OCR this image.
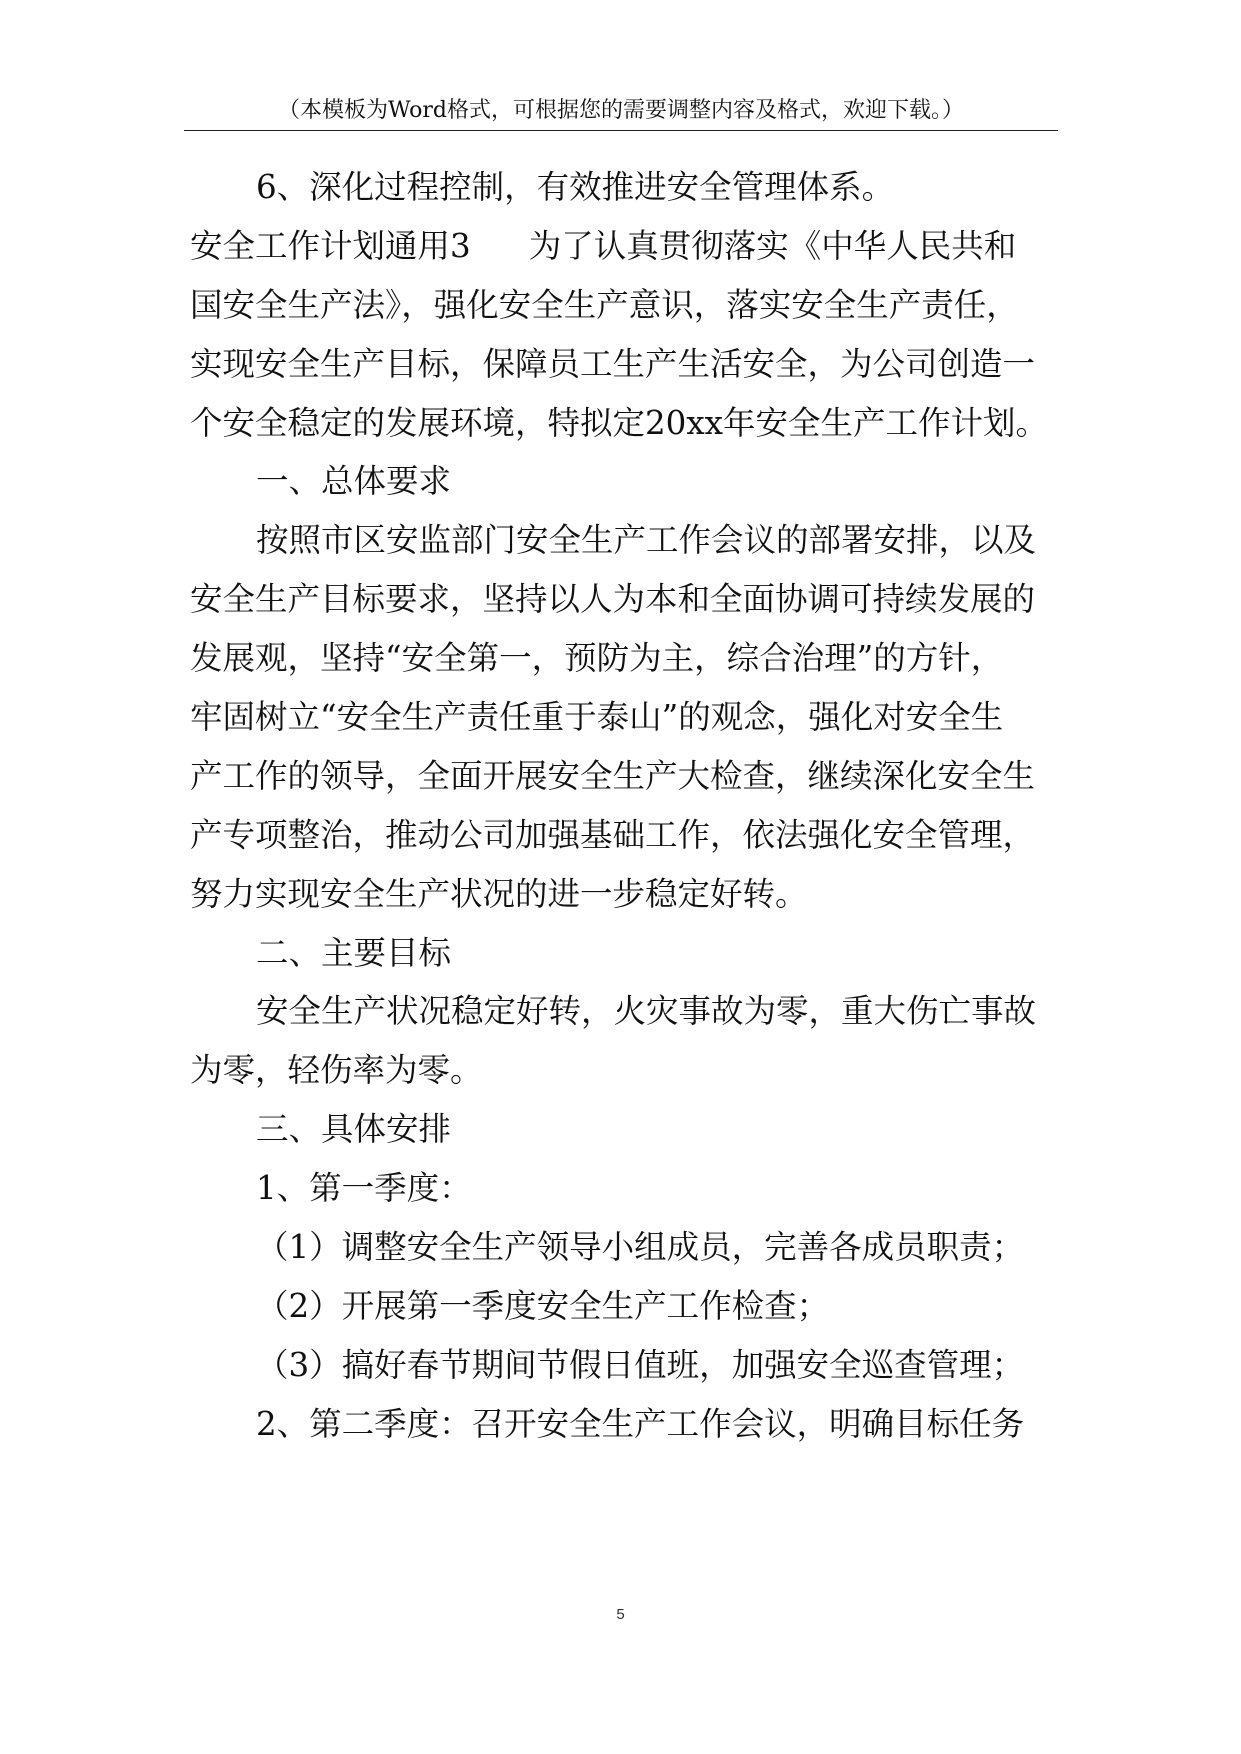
（本模板为Word格式，可根据您的需要调整内容及格式，欢迎下载。）
6、深化过程控制，有效推进安全管理体系。
安全工作计划通用3 为了认真贯彻落实《中华人民共和
国安全生产法》，强化安全生产意识，落实安全生产责任，
实现安全生产目标，保障员工生产生活安全，为公司创造一
个安全稳定的发展环境，特拟定20xx年安全生产工作计划。
一、总体要求
按照市区安监部门安全生产工作会议的部署安排，以及
安全生产目标要求，坚持以人为本和全面协调可持续发展的
发展观，坚持“安全第一，预防为主，综合治理”的方针，
牢固树立“安全生产责任重于泰山”的观念，强化对安全生
产工作的领导，全面开展安全生产大检查，继续深化安全生
产专项整治，推动公司加强基础工作，依法强化安全管理，
努力实现安全生产状况的进一步稳定好转。
二、主要目标
安全生产状况稳定好转，火灾事故为零，重大伤亡事故
为零，轻伤率为零。
三、具体安排
1、第一季度：
（1）调整安全生产领导小组成员，完善各成员职责；
（2）开展第一季度安全生产工作检查；
（3）搞好春节期间节假日值班，加强安全巡查管理；
2、第二季度：召开安全生产工作会议，明确目标任务
5
